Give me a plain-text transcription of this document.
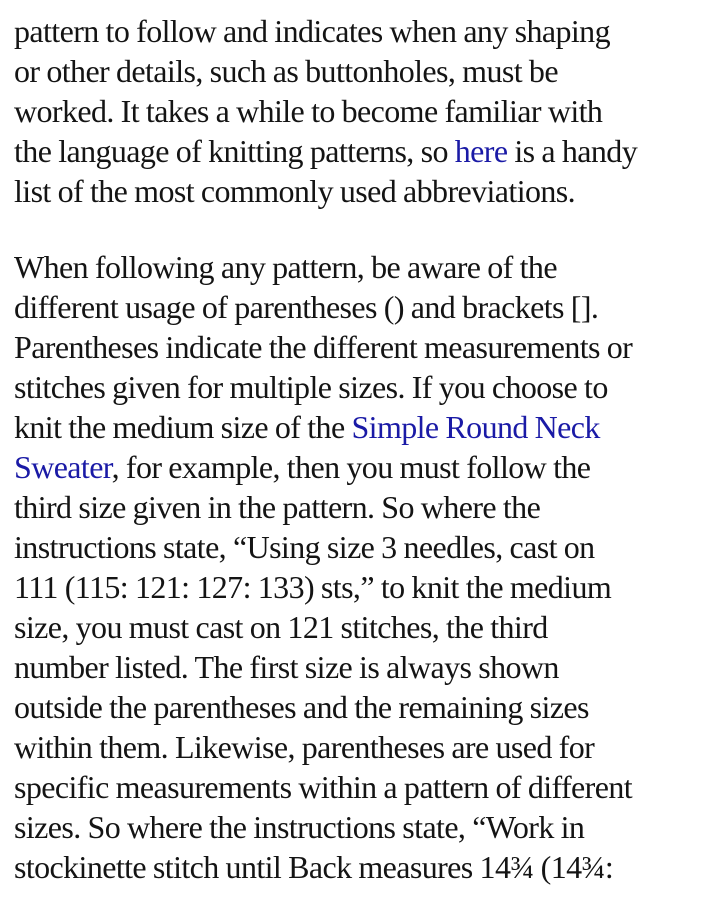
pattern to follow and indicates when any shaping
or other details, such as buttonholes, must be
worked. It takes a while to become familiar with
the language of knitting patterns, so here is a handy
list of the most commonly used abbreviations.
When following any pattern, be aware of the
different usage of parentheses () and brackets [].
Parentheses indicate the different measurements or
stitches given for multiple sizes. If you choose to
knit the medium size of the Simple Round Neck
Sweater, for example, then you must follow the
third size given in the pattern. So where the
instructions state, “Using size 3 needles, cast on
111 (115: 121: 127: 133) sts,” to knit the medium
size, you must cast on 121 stitches, the third
number listed. The first size is always shown
outside the parentheses and the remaining sizes
within them. Likewise, parentheses are used for
specific measurements within a pattern of different
sizes. So where the instructions state, “Work in
stockinette stitch until Back measures 14¾ (14¾:
